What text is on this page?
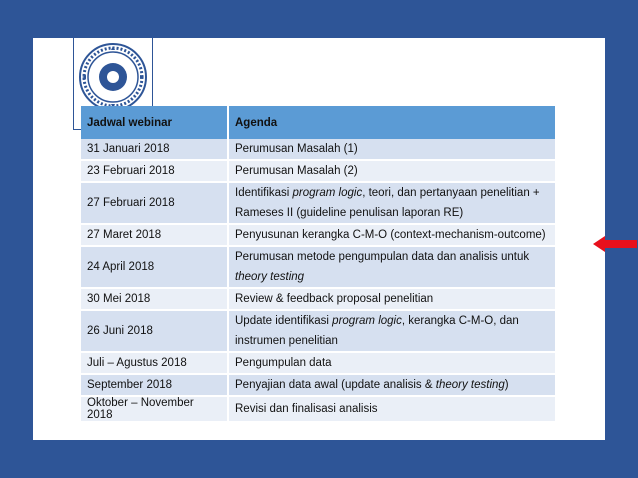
Jadwal webinar	Agenda
31 Januari 2018	Perumusan Masalah (1)

23 Februari 2018	Perumusan Masalah (2)

27 Februari 2018	Identifikasi program logic, teori, dan pertanyaan penelitian +
Rameses II (guideline penulisan laporan RE)

27 Maret 2018	Penyusunan kerangka C-M-O (context-mechanism-outcome)

24 April 2018	Perumusan metode pengumpulan data dan analisis untuk
theory testing

30 Mei 2018	Review & feedback proposal penelitian

26 Juni 2018	Update identifikasi program logic, kerangka C-M-O, dan
instrumen penelitian

Juli – Agustus 2018	Pengumpulan data

September 2018	Penyajian data awal (update analisis & theory testing)

Oktober – November 2018	Revisi dan finalisasi analisis
